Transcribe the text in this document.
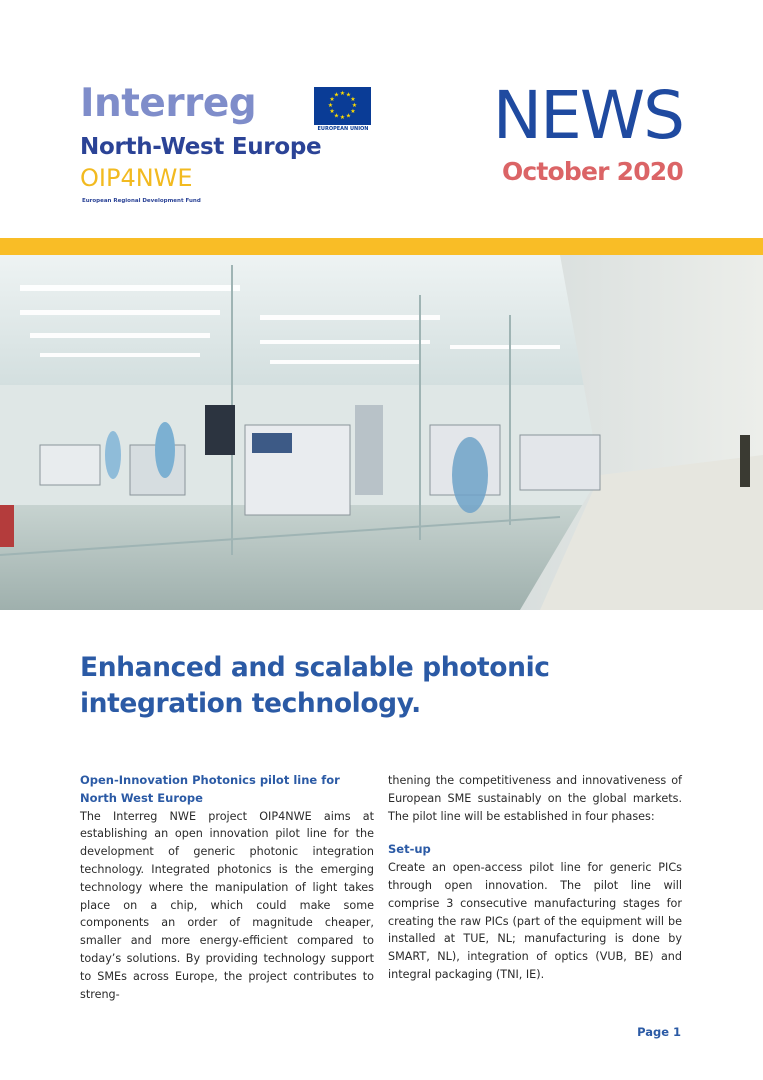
Interreg	★ ★
★
★
★
★
★
★
★
★
★
★
EUROPEAN UNION
North-West Europe
OIP4NWE
European Regional Development Fund
NEWS
October 2020
Enhanced and scalable photonic integration technology.
Open-Innovation Photonics pilot line for North West Europe

The Interreg NWE project OIP4NWE aims at establishing an open innovation pilot line for the development of generic photonic integration technology. Integrated photonics is the emerging technology where the manipulation of light takes place on a chip, which could make some components an order of magnitude cheaper, smaller and more energy-efficient compared to today’s solutions. By providing technology support to SMEs across Europe, the project contributes to streng-

thening the competitiveness and innovativeness of European SME sustainably on the global markets. The pilot line will be established in four phases:

Set-up

Create an open-access pilot line for generic PICs through open innovation. The pilot line will comprise 3 consecutive manufacturing stages for creating the raw PICs (part of the equipment will be installed at TUE, NL; manufacturing is done by SMART, NL), integration of optics (VUB, BE) and integral packaging (TNI, IE).

Page 1
